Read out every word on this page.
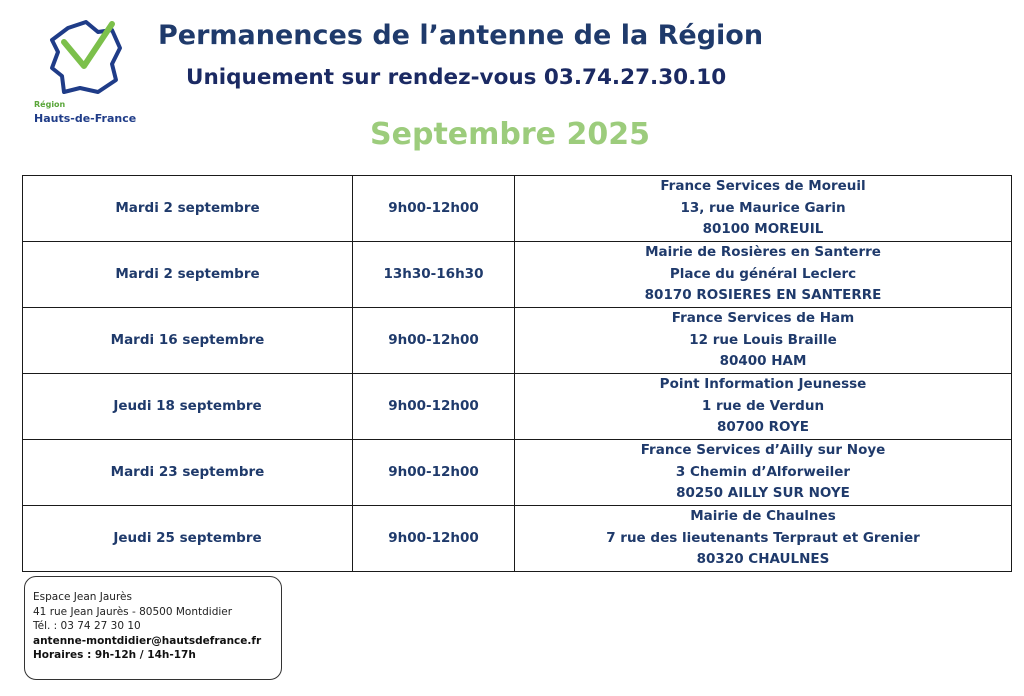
Région
Hauts-de-France
Permanences de l’antenne de la Région
Uniquement sur rendez-vous 03.74.27.30.10
Septembre 2025
Mardi 2 septembre	9h00-12h00	France Services de Moreuil
13, rue Maurice Garin
80100 MOREUIL

Mardi 2 septembre	13h30-16h30	Mairie de Rosières en Santerre
Place du général Leclerc
80170 ROSIERES EN SANTERRE

Mardi 16 septembre	9h00-12h00	France Services de Ham
12 rue Louis Braille
80400 HAM

Jeudi 18 septembre	9h00-12h00	Point Information Jeunesse
1 rue de Verdun
80700 ROYE

Mardi 23 septembre	9h00-12h00	France Services d’Ailly sur Noye
3 Chemin d’Alforweiler
80250 AILLY SUR NOYE

Jeudi 25 septembre	9h00-12h00	Mairie de Chaulnes
7 rue des lieutenants Terpraut et Grenier
80320 CHAULNES
Espace Jean Jaurès
41 rue Jean Jaurès - 80500 Montdidier
Tél. : 03 74 27 30 10
antenne-montdidier@hautsdefrance.fr
Horaires : 9h-12h / 14h-17h
